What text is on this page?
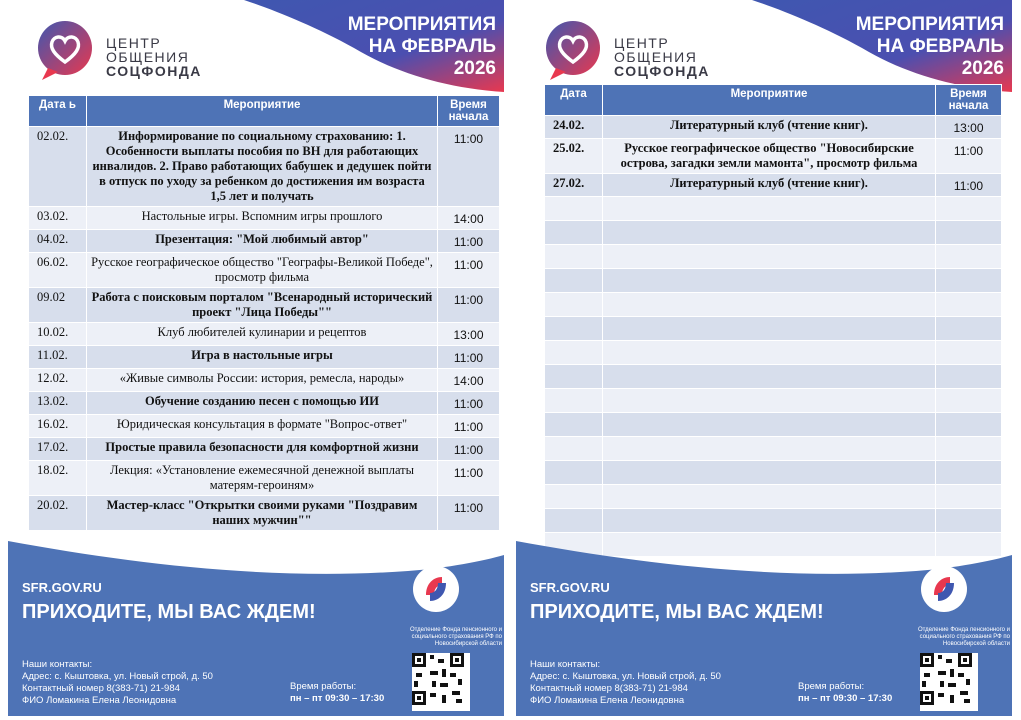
МЕРОПРИЯТИЯ
НА ФЕВРАЛЬ
2026
ЦЕНТР
ОБЩЕНИЯ
СОЦФОНДА
Дата ь	Мероприятие	Время начала
02.02.	Информирование по социальному страхованию: 1. Особенности выплаты пособия по ВН для работающих инвалидов. 2. Право работающих бабушек и дедушек пойти в отпуск по уходу за ребенком до достижения им возраста 1,5 лет и получать	11:00
03.02.	Настольные игры. Вспомним игры прошлого	14:00
04.02.	Презентация: "Мой любимый автор"	11:00
06.02.	Русское географическое общество "Географы-Великой Победе", просмотр фильма	11:00
09.02	Работа с поисковым порталом "Всенародный исторический проект "Лица Победы""	11:00
10.02.	Клуб любителей кулинарии и рецептов	13:00
11.02.	Игра в настольные игры	11:00
12.02.	«Живые символы России: история, ремесла, народы»	14:00
13.02.	Обучение созданию песен с помощью ИИ	11:00
16.02.	Юридическая консультация в формате "Вопрос-ответ"	11:00
17.02.	Простые правила безопасности для комфортной жизни	11:00
18.02.	Лекция: «Установление ежемесячной денежной выплаты матерям-героиням»	11:00
20.02.	Мастер-класс "Открытки своими руками "Поздравим наших мужчин""	11:00
SFR.GOV.RU
ПРИХОДИТЕ, МЫ ВАС ЖДЕМ!
Отделение Фонда пенсионного и социального страхования РФ по Новосибирской области
Наши контакты:
Адрес: с. Кыштовка, ул. Новый строй, д. 50
Контактный номер 8(383-71) 21-984
ФИО Ломакина Елена Леонидовна
Время работы:
пн – пт 09:30 – 17:30
МЕРОПРИЯТИЯ
НА ФЕВРАЛЬ
2026
ЦЕНТР
ОБЩЕНИЯ
СОЦФОНДА
Дата	Мероприятие	Время начала
24.02.	Литературный клуб (чтение книг).	13:00
25.02.	Русское географическое общество "Новосибирские острова, загадки земли мамонта", просмотр фильма	11:00
27.02.	Литературный клуб (чтение книг).	11:00

SFR.GOV.RU
ПРИХОДИТЕ, МЫ ВАС ЖДЕМ!
Отделение Фонда пенсионного и социального страхования РФ по Новосибирской области
Наши контакты:
Адрес: с. Кыштовка, ул. Новый строй, д. 50
Контактный номер 8(383-71) 21-984
ФИО Ломакина Елена Леонидовна
Время работы:
пн – пт 09:30 – 17:30
